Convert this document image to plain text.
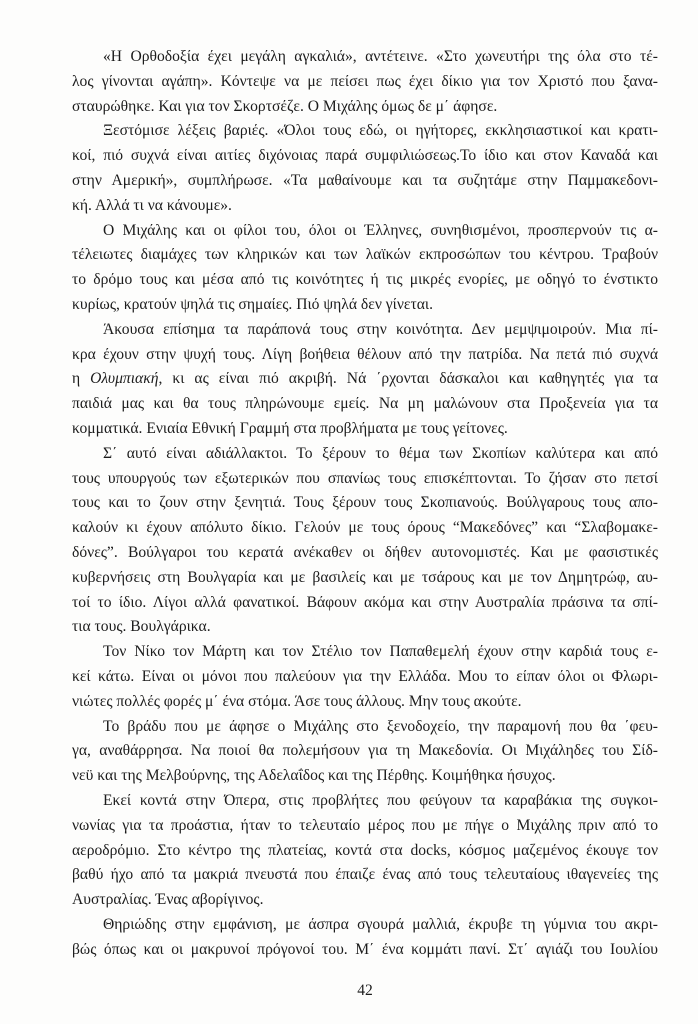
«Η Ορθοδοξία έχει μεγάλη αγκαλιά», αντέτεινε. «Στο χωνευτήρι της όλα στο τέ-
λος γίνονται αγάπη». Κόντεψε να με πείσει πως έχει δίκιο για τον Χριστό που ξανα-
σταυρώθηκε. Και για τον Σκορτσέζε. Ο Μιχάλης όμως δε μ΄ άφησε.
Ξεστόμισε λέξεις βαριές. «Όλοι τους εδώ, οι ηγήτορες, εκκλησιαστικοί και κρατι-
κοί, πιό συχνά είναι αιτίες διχόνοιας παρά συμφιλιώσεως.Το ίδιο και στον Καναδά και
στην Αμερική», συμπλήρωσε. «Τα μαθαίνουμε και τα συζητάμε στην Παμμακεδονι-
κή. Αλλά τι να κάνουμε».
Ο Μιχάλης και οι φίλοι του, όλοι οι Έλληνες, συνηθισμένοι, προσπερνούν τις α-
τέλειωτες διαμάχες των κληρικών και των λαϊκών εκπροσώπων του κέντρου. Τραβούν
το δρόμο τους και μέσα από τις κοινότητες ή τις μικρές ενορίες, με οδηγό το ένστικτο
κυρίως, κρατούν ψηλά τις σημαίες. Πιό ψηλά δεν γίνεται.
Άκουσα επίσημα τα παράπονά τους στην κοινότητα. Δεν μεμψιμοιρούν. Μια πί-
κρα έχουν στην ψυχή τους. Λίγη βοήθεια θέλουν από την πατρίδα. Να πετά πιό συχνά
η Ολυμπιακή, κι ας είναι πιό ακριβή. Νά ΄ρχονται δάσκαλοι και καθηγητές για τα
παιδιά μας και θα τους πληρώνουμε εμείς. Να μη μαλώνουν στα Προξενεία για τα
κομματικά. Ενιαία Εθνική Γραμμή στα προβλήματα με τους γείτονες.
Σ΄ αυτό είναι αδιάλλακτοι. Το ξέρουν το θέμα των Σκοπίων καλύτερα και από
τους υπουργούς των εξωτερικών που σπανίως τους επισκέπτονται. Το ζήσαν στο πετσί
τους και το ζουν στην ξενητιά. Τους ξέρουν τους Σκοπιανούς. Βούλγαρους τους απο-
καλούν κι έχουν απόλυτο δίκιο. Γελούν με τους όρους “Μακεδόνες” και “Σλαβομακε-
δόνες”. Βούλγαροι του κερατά ανέκαθεν οι δήθεν αυτονομιστές. Και με φασιστικές
κυβερνήσεις στη Βουλγαρία και με βασιλείς και με τσάρους και με τον Δημητρώφ, αυ-
τοί το ίδιο. Λίγοι αλλά φανατικοί. Βάφουν ακόμα και στην Αυστραλία πράσινα τα σπί-
τια τους. Βουλγάρικα.
Τον Νίκο τον Μάρτη και τον Στέλιο τον Παπαθεμελή έχουν στην καρδιά τους ε-
κεί κάτω. Είναι οι μόνοι που παλεύουν για την Ελλάδα. Μου το είπαν όλοι οι Φλωρι-
νιώτες πολλές φορές μ΄ ένα στόμα. Άσε τους άλλους. Μην τους ακούτε.
Το βράδυ που με άφησε ο Μιχάλης στο ξενοδοχείο, την παραμονή που θα ΄φευ-
γα, αναθάρρησα. Να ποιοί θα πολεμήσουν για τη Μακεδονία. Οι Μιχάληδες του Σίδ-
νεϋ και της Μελβούρνης, της Αδελαΐδος και της Πέρθης. Κοιμήθηκα ήσυχος.
Εκεί κοντά στην Όπερα, στις προβλήτες που φεύγουν τα καραβάκια της συγκοι-
νωνίας για τα προάστια, ήταν το τελευταίο μέρος που με πήγε ο Μιχάλης πριν από το
αεροδρόμιο. Στο κέντρο της πλατείας, κοντά στα docks, κόσμος μαζεμένος έκουγε τον
βαθύ ήχο από τα μακριά πνευστά που έπαιζε ένας από τους τελευταίους ιθαγενείες της
Αυστραλίας. Ένας αβορίγινος.
Θηριώδης στην εμφάνιση, με άσπρα σγουρά μαλλιά, έκρυβε τη γύμνια του ακρι-
βώς όπως και οι μακρυνοί πρόγονοί του. Μ΄ ένα κομμάτι πανί. Στ΄ αγιάζι του Ιουλίου
42
